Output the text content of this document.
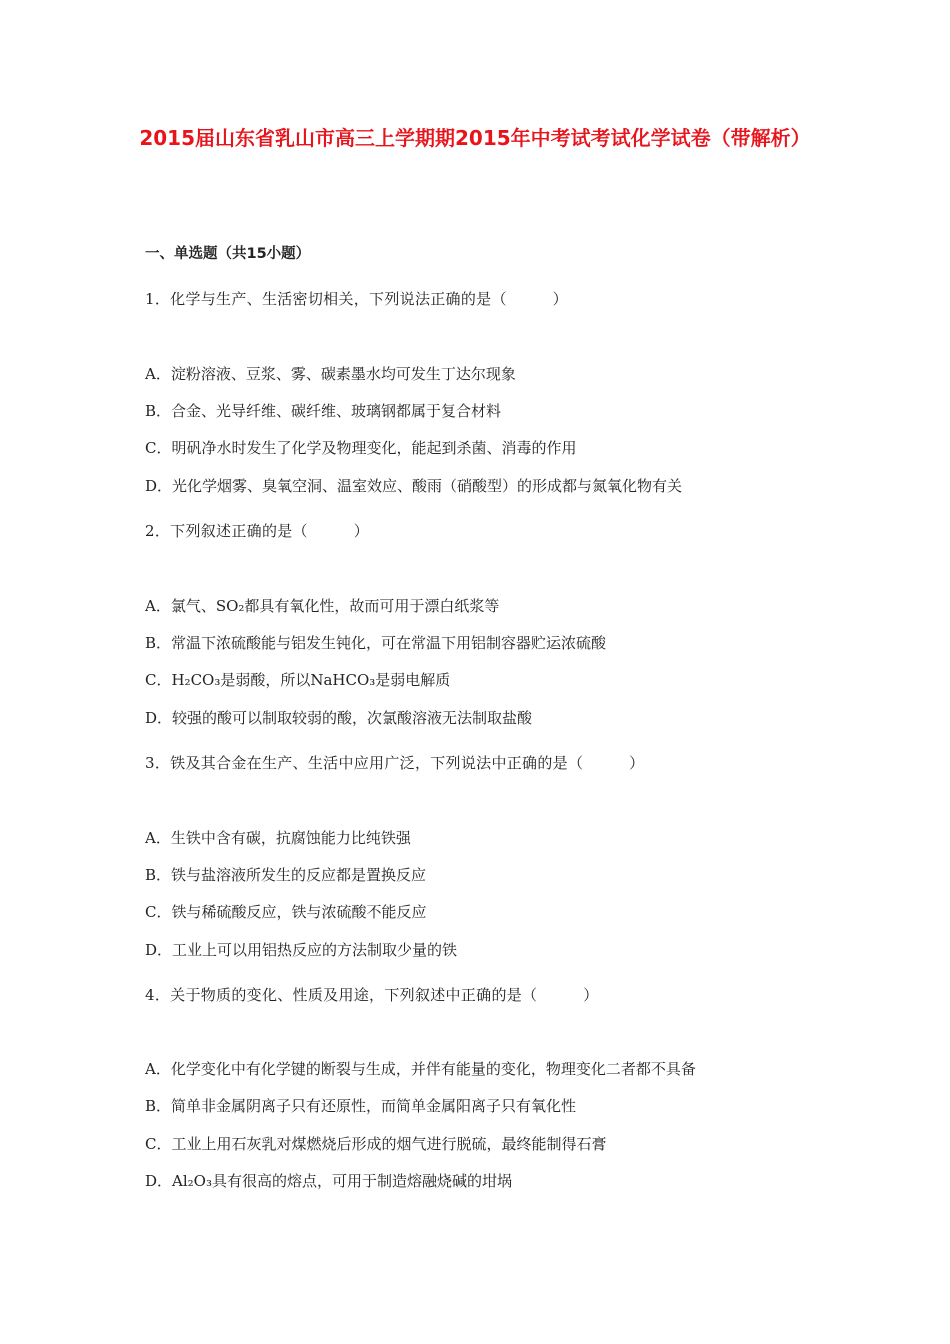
2015届山东省乳山市高三上学期期2015年中考试考试化学试卷（带解析）
一、单选题（共15小题）
1．化学与生产、生活密切相关，下列说法正确的是（　　　）
A．淀粉溶液、豆浆、雾、碳素墨水均可发生丁达尔现象
B．合金、光导纤维、碳纤维、玻璃钢都属于复合材料
C．明矾净水时发生了化学及物理变化，能起到杀菌、消毒的作用
D．光化学烟雾、臭氧空洞、温室效应、酸雨（硝酸型）的形成都与氮氧化物有关
2．下列叙述正确的是（　　　）
A．氯气、SO₂都具有氧化性，故而可用于漂白纸浆等
B．常温下浓硫酸能与铝发生钝化，可在常温下用铝制容器贮运浓硫酸
C．H₂CO₃是弱酸，所以NaHCO₃是弱电解质
D．较强的酸可以制取较弱的酸，次氯酸溶液无法制取盐酸
3．铁及其合金在生产、生活中应用广泛，下列说法中正确的是（　　　）
A．生铁中含有碳，抗腐蚀能力比纯铁强
B．铁与盐溶液所发生的反应都是置换反应
C．铁与稀硫酸反应，铁与浓硫酸不能反应
D．工业上可以用铝热反应的方法制取少量的铁
4．关于物质的变化、性质及用途，下列叙述中正确的是（　　　）
A．化学变化中有化学键的断裂与生成，并伴有能量的变化，物理变化二者都不具备
B．简单非金属阴离子只有还原性，而简单金属阳离子只有氧化性
C．工业上用石灰乳对煤燃烧后形成的烟气进行脱硫，最终能制得石膏
D．Al₂O₃具有很高的熔点，可用于制造熔融烧碱的坩埚
